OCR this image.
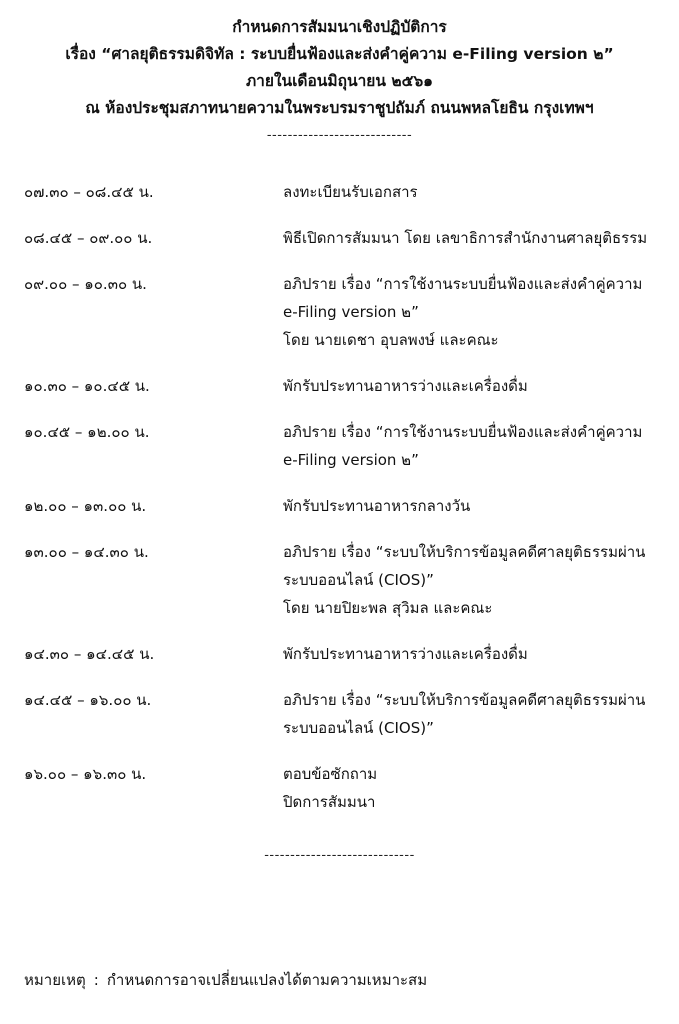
กำหนดการสัมมนาเชิงปฏิบัติการ
เรื่อง “ศาลยุติธรรมดิจิทัล : ระบบยื่นฟ้องและส่งคำคู่ความ e-Filing version ๒”
ภายในเดือนมิถุนายน ๒๕๖๑
ณ ห้องประชุมสภาทนายความในพระบรมราชูปถัมภ์ ถนนพหลโยธิน กรุงเทพฯ
----------------------------
๐๗.๓๐ – ๐๘.๔๕ น.	ลงทะเบียนรับเอกสาร
๐๘.๔๕ – ๐๙.๐๐ น.	พิธีเปิดการสัมมนา โดย เลขาธิการสำนักงานศาลยุติธรรม
๐๙.๐๐ – ๑๐.๓๐ น.	อภิปราย เรื่อง “การใช้งานระบบยื่นฟ้องและส่งคำคู่ความ
e-Filing version ๒”
โดย นายเดชา อุบลพงษ์ และคณะ
๑๐.๓๐ – ๑๐.๔๕ น.	พักรับประทานอาหารว่างและเครื่องดื่ม
๑๐.๔๕ – ๑๒.๐๐ น.	อภิปราย เรื่อง “การใช้งานระบบยื่นฟ้องและส่งคำคู่ความ
e-Filing version ๒”
๑๒.๐๐ – ๑๓.๐๐ น.	พักรับประทานอาหารกลางวัน
๑๓.๐๐ – ๑๔.๓๐ น.	อภิปราย เรื่อง “ระบบให้บริการข้อมูลคดีศาลยุติธรรมผ่าน
ระบบออนไลน์ (CIOS)”
โดย นายปิยะพล สุวิมล และคณะ
๑๔.๓๐ – ๑๔.๔๕ น.	พักรับประทานอาหารว่างและเครื่องดื่ม
๑๔.๔๕ – ๑๖.๐๐ น.	อภิปราย เรื่อง “ระบบให้บริการข้อมูลคดีศาลยุติธรรมผ่าน
ระบบออนไลน์ (CIOS)”
๑๖.๐๐ – ๑๖.๓๐ น.	ตอบข้อซักถาม
ปิดการสัมมนา
-----------------------------
หมายเหตุ : กำหนดการอาจเปลี่ยนแปลงได้ตามความเหมาะสม
